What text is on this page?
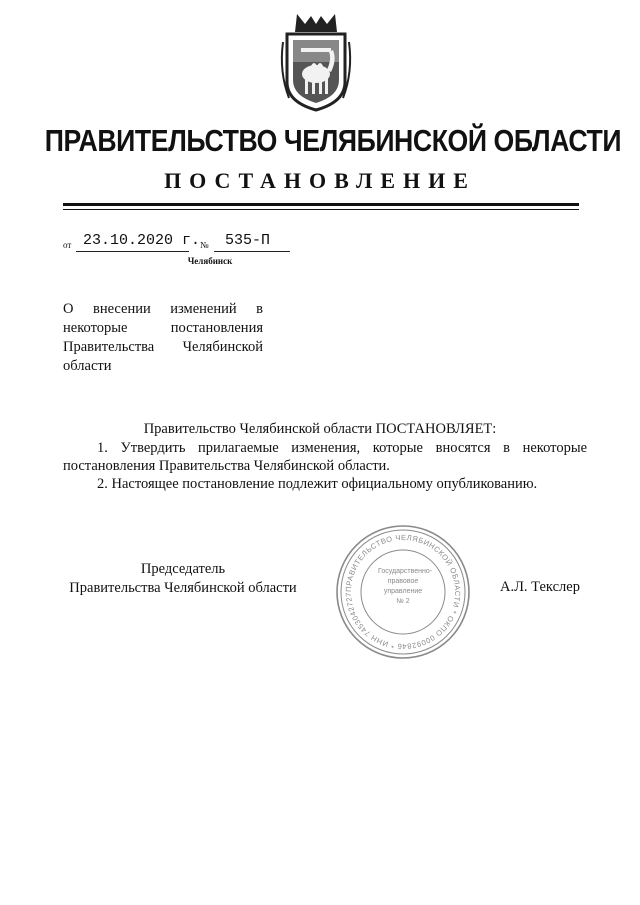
ПРАВИТЕЛЬСТВО ЧЕЛЯБИНСКОЙ ОБЛАСТИ
ПОСТАНОВЛЕНИЕ
от 23.10.2020 г. № 535-П
Челябинск
О внесении изменений в
некоторые постановления
Правительства Челябинской
области
Правительство Челябинской области ПОСТАНОВЛЯЕТ:
1. Утвердить прилагаемые изменения, которые вносятся в некоторые постановления Правительства Челябинской области.
2. Настоящее постановление подлежит официальному опубликованию.
Председатель
Правительства Челябинской области	ПРАВИТЕЛЬСТВО ЧЕЛЯБИНСКОЙ ОБЛАСТИ * ОКПО 00092846 * ИНН 7453042727
Государственно-
правовое
управление
№ 2
А.Л. Текслер
